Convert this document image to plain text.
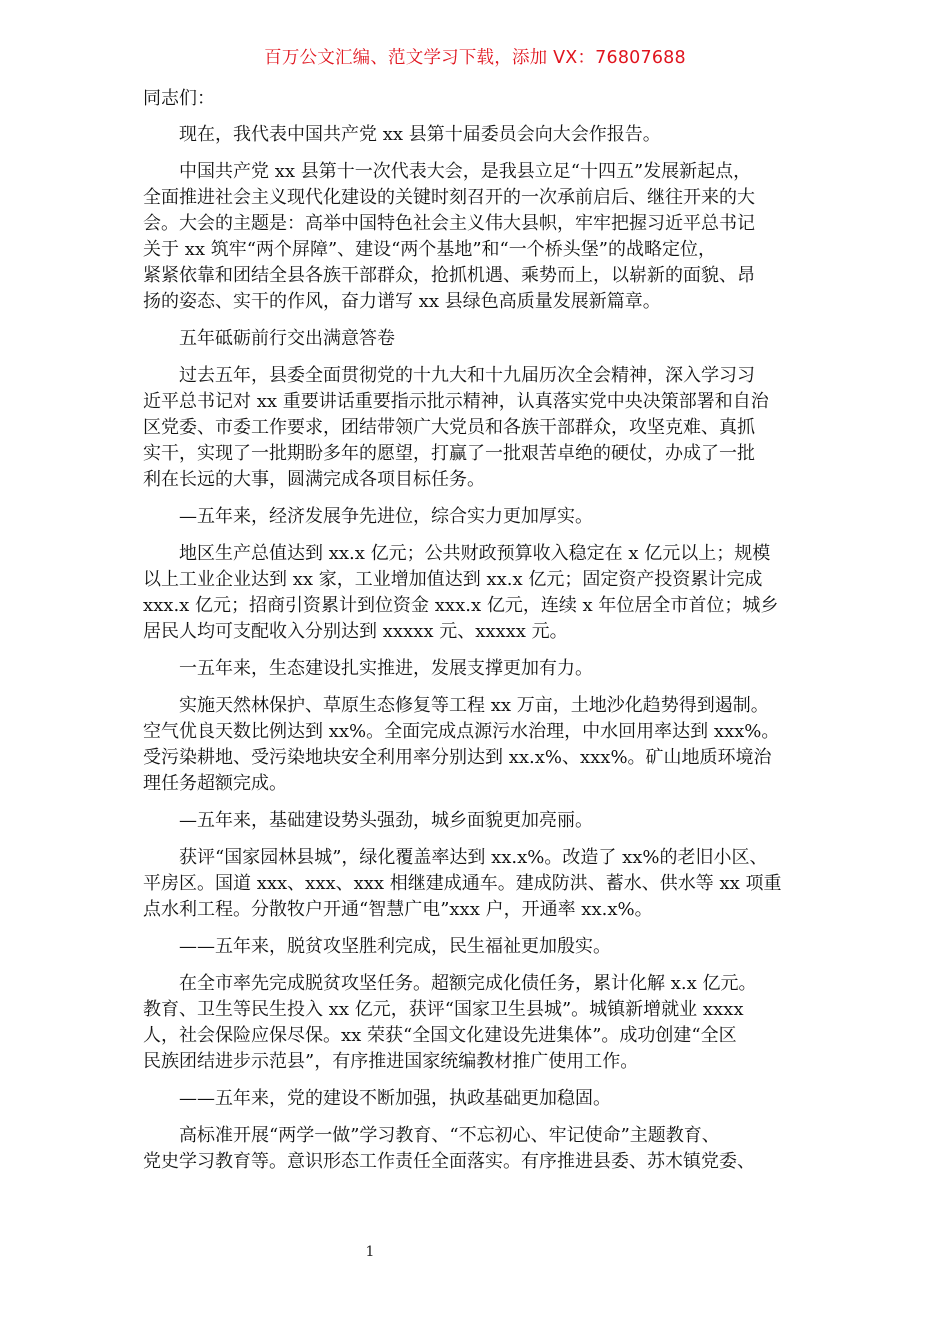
百万公文汇编、范文学习下载，添加 VX：76807688
同志们：
现在，我代表中国共产党 xx 县第十届委员会向大会作报告。
中国共产党 xx 县第十一次代表大会，是我县立足“十四五”发展新起点，
全面推进社会主义现代化建设的关键时刻召开的一次承前启后、继往开来的大
会。大会的主题是：高举中国特色社会主义伟大县帜，牢牢把握习近平总书记
关于 xx 筑牢“两个屏障”、建设“两个基地”和“一个桥头堡”的战略定位，
紧紧依靠和团结全县各族干部群众，抢抓机遇、乘势而上，以崭新的面貌、昂
扬的姿态、实干的作风，奋力谱写 xx 县绿色高质量发展新篇章。
五年砥砺前行交出满意答卷
过去五年，县委全面贯彻党的十九大和十九届历次全会精神，深入学习习
近平总书记对 xx 重要讲话重要指示批示精神，认真落实党中央决策部署和自治
区党委、市委工作要求，团结带领广大党员和各族干部群众，攻坚克难、真抓
实干，实现了一批期盼多年的愿望，打赢了一批艰苦卓绝的硬仗，办成了一批
利在长远的大事，圆满完成各项目标任务。
—五年来，经济发展争先进位，综合实力更加厚实。
地区生产总值达到 xx.x 亿元；公共财政预算收入稳定在 x 亿元以上；规模
以上工业企业达到 xx 家，工业增加值达到 xx.x 亿元；固定资产投资累计完成
xxx.x 亿元；招商引资累计到位资金 xxx.x 亿元，连续 x 年位居全市首位；城乡
居民人均可支配收入分别达到 xxxxx 元、xxxxx 元。
一五年来，生态建设扎实推进，发展支撑更加有力。
实施天然林保护、草原生态修复等工程 xx 万亩，土地沙化趋势得到遏制。
空气优良天数比例达到 xx%。全面完成点源污水治理，中水回用率达到 xxx%。
受污染耕地、受污染地块安全利用率分别达到 xx.x%、xxx%。矿山地质环境治
理任务超额完成。
—五年来，基础建设势头强劲，城乡面貌更加亮丽。
获评“国家园林县城”，绿化覆盖率达到 xx.x%。改造了 xx%的老旧小区、
平房区。国道 xxx、xxx、xxx 相继建成通车。建成防洪、蓄水、供水等 xx 项重
点水利工程。分散牧户开通“智慧广电”xxx 户，开通率 xx.x%。
——五年来，脱贫攻坚胜利完成，民生福祉更加殷实。
在全市率先完成脱贫攻坚任务。超额完成化债任务，累计化解 x.x 亿元。
教育、卫生等民生投入 xx 亿元，获评“国家卫生县城”。城镇新增就业 xxxx
人，社会保险应保尽保。xx 荣获“全国文化建设先进集体”。成功创建“全区
民族团结进步示范县”，有序推进国家统编教材推广使用工作。
——五年来，党的建设不断加强，执政基础更加稳固。
高标准开展“两学一做”学习教育、“不忘初心、牢记使命”主题教育、
党史学习教育等。意识形态工作责任全面落实。有序推进县委、苏木镇党委、
1
